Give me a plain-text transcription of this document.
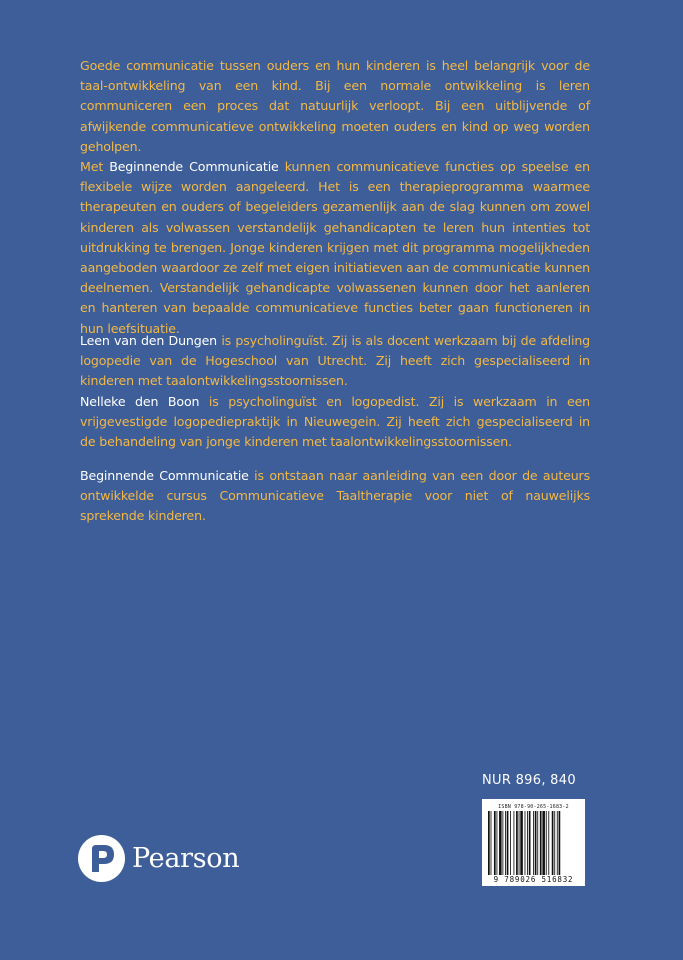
Goede communicatie tussen ouders en hun kinderen is heel belangrijk voor de taal-ontwikkeling van een kind. Bij een normale ontwikkeling is leren communiceren een proces dat natuurlijk verloopt. Bij een uitblijvende of afwijkende communicatieve ontwikkeling moeten ouders en kind op weg worden geholpen.

Met Beginnende Communicatie kunnen communicatieve functies op speelse en flexibele wijze worden aangeleerd. Het is een therapieprogramma waarmee therapeuten en ouders of begeleiders gezamenlijk aan de slag kunnen om zowel kinderen als volwassen verstandelijk gehandicapten te leren hun intenties tot uitdrukking te brengen. Jonge kinderen krijgen met dit programma mogelijkheden aangeboden waardoor ze zelf met eigen initiatieven aan de communicatie kunnen deelnemen. Verstandelijk gehandicapte volwassenen kunnen door het aanleren en hanteren van bepaalde communicatieve functies beter gaan functioneren in hun leefsituatie.

Leen van den Dungen is psycholinguïst. Zij is als docent werkzaam bij de afdeling logopedie van de Hogeschool van Utrecht. Zij heeft zich gespecialiseerd in kinderen met taalontwikkelingsstoornissen.

Nelleke den Boon is psycholinguïst en logopedist. Zij is werkzaam in een vrijgevestigde logopediepraktijk in Nieuwegein. Zij heeft zich gespecialiseerd in de behandeling van jonge kinderen met taalontwikkelingsstoornissen.

Beginnende Communicatie is ontstaan naar aanleiding van een door de auteurs ontwikkelde cursus Communicatieve Taaltherapie voor niet of nauwelijks sprekende kinderen.

NUR 896, 840
ISBN 978-90-265-1683-2
9 789026 516832
Pearson
